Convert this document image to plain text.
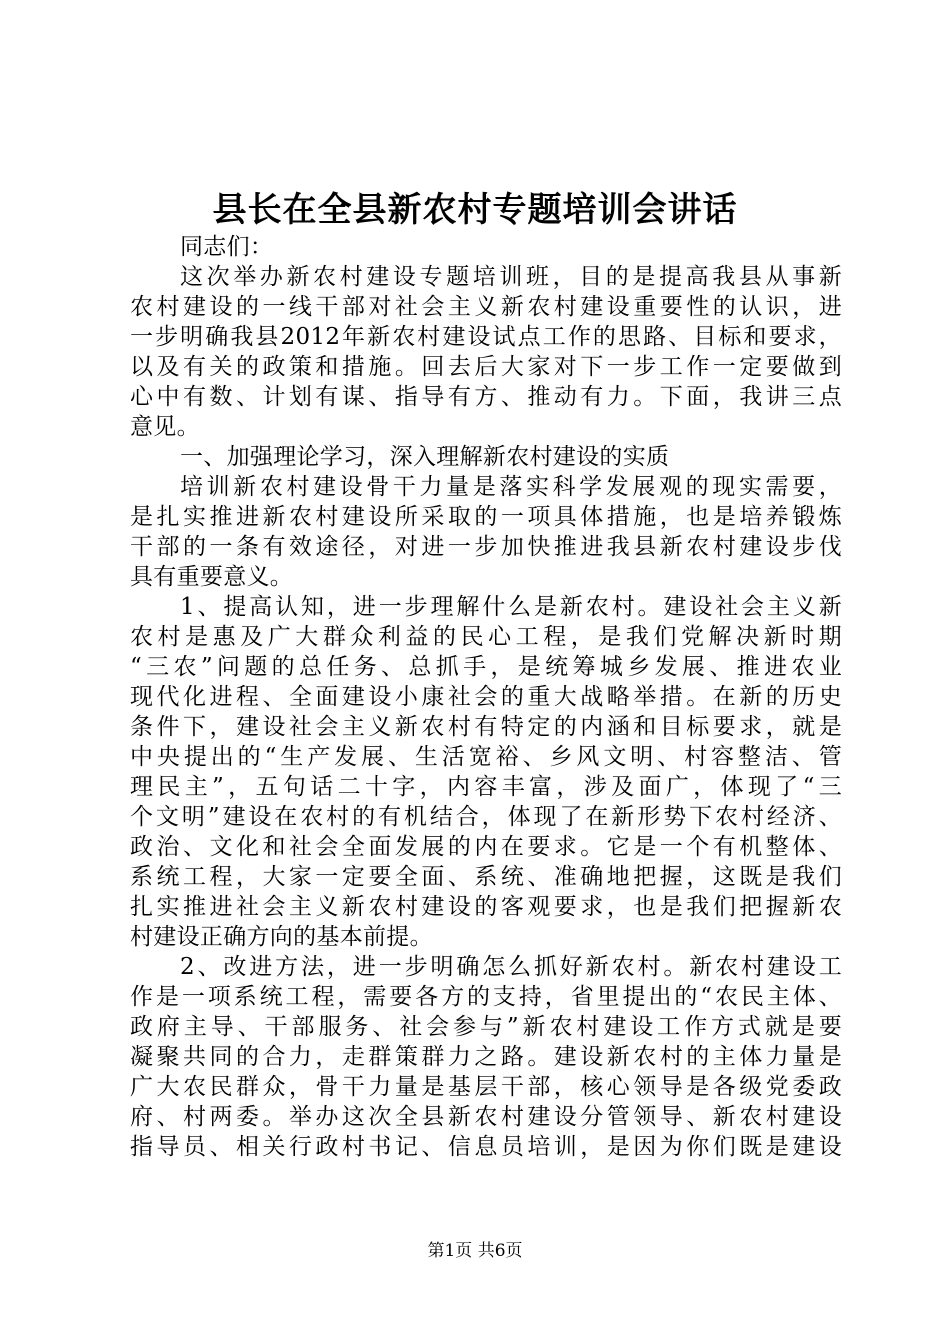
县长在全县新农村专题培训会讲话
同志们：
这次举办新农村建设专题培训班，目的是提高我县从事新
农村建设的一线干部对社会主义新农村建设重要性的认识，进
一步明确我县2012年新农村建设试点工作的思路、目标和要求，
以及有关的政策和措施。回去后大家对下一步工作一定要做到
心中有数、计划有谋、指导有方、推动有力。下面，我讲三点
意见。
一、加强理论学习，深入理解新农村建设的实质
培训新农村建设骨干力量是落实科学发展观的现实需要，
是扎实推进新农村建设所采取的一项具体措施，也是培养锻炼
干部的一条有效途径，对进一步加快推进我县新农村建设步伐
具有重要意义。
1、提高认知，进一步理解什么是新农村。建设社会主义新
农村是惠及广大群众利益的民心工程，是我们党解决新时期
“三农”问题的总任务、总抓手，是统筹城乡发展、推进农业
现代化进程、全面建设小康社会的重大战略举措。在新的历史
条件下，建设社会主义新农村有特定的内涵和目标要求，就是
中央提出的“生产发展、生活宽裕、乡风文明、村容整洁、管
理民主”，五句话二十字，内容丰富，涉及面广，体现了“三
个文明”建设在农村的有机结合，体现了在新形势下农村经济、
政治、文化和社会全面发展的内在要求。它是一个有机整体、
系统工程，大家一定要全面、系统、准确地把握，这既是我们
扎实推进社会主义新农村建设的客观要求，也是我们把握新农
村建设正确方向的基本前提。
2、改进方法，进一步明确怎么抓好新农村。新农村建设工
作是一项系统工程，需要各方的支持，省里提出的“农民主体、
政府主导、干部服务、社会参与”新农村建设工作方式就是要
凝聚共同的合力，走群策群力之路。建设新农村的主体力量是
广大农民群众，骨干力量是基层干部，核心领导是各级党委政
府、村两委。举办这次全县新农村建设分管领导、新农村建设
指导员、相关行政村书记、信息员培训，是因为你们既是建设
第1页 共6页
